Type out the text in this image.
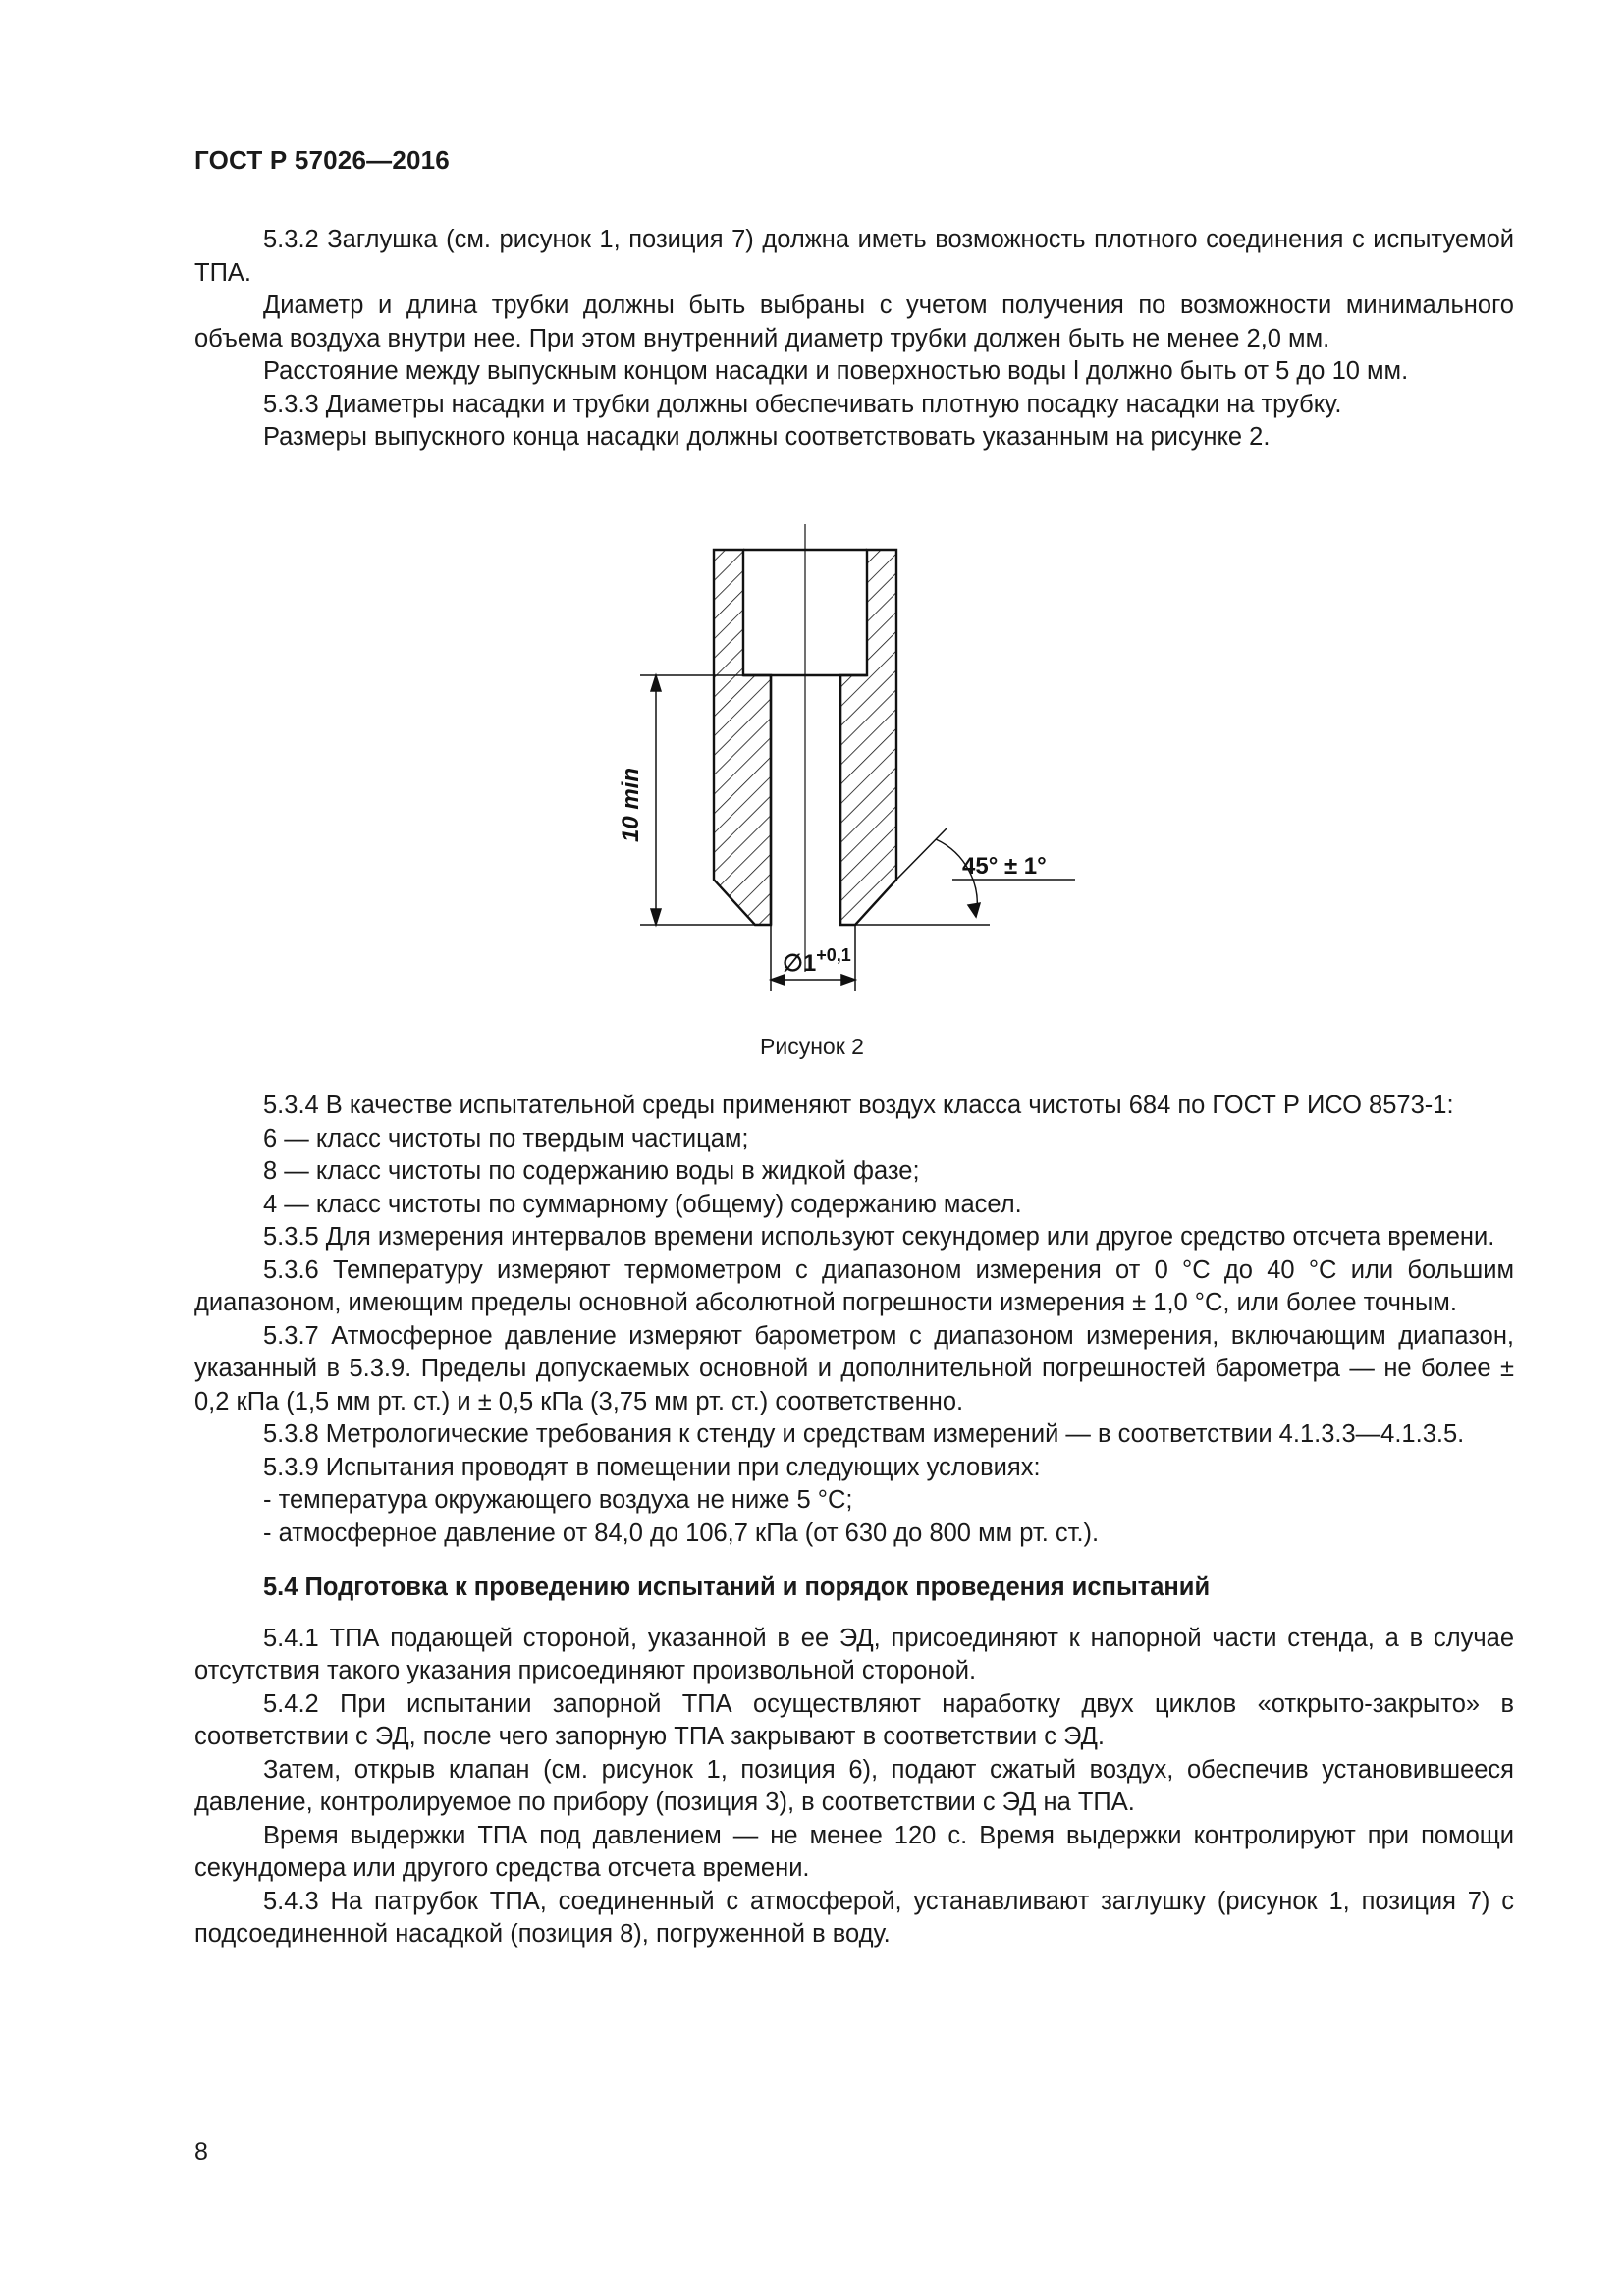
ГОСТ Р 57026—2016

5.3.2 Заглушка (см. рисунок 1, позиция 7) должна иметь возможность плотного соединения с испытуемой ТПА.

Диаметр и длина трубки должны быть выбраны с учетом получения по возможности минимального объема воздуха внутри нее. При этом внутренний диаметр трубки должен быть не менее 2,0 мм.

Расстояние между выпускным концом насадки и поверхностью воды l должно быть от 5 до 10 мм.

5.3.3 Диаметры насадки и трубки должны обеспечивать плотную посадку насадки на трубку.

Размеры выпускного конца насадки должны соответствовать указанным на рисунке 2.

10 min
45° ± 1°
$\emptyset 1^{+0,1}$
Рисунок 2

5.3.4 В качестве испытательной среды применяют воздух класса чистоты 684 по ГОСТ Р ИСО 8573-1:

6 — класс чистоты по твердым частицам;

8 — класс чистоты по содержанию воды в жидкой фазе;

4 — класс чистоты по суммарному (общему) содержанию масел.

5.3.5 Для измерения интервалов времени используют секундомер или другое средство отсчета времени.

5.3.6 Температуру измеряют термометром с диапазоном измерения от 0 °С до 40 °С или большим диапазоном, имеющим пределы основной абсолютной погрешности измерения ± 1,0 °С, или более точным.

5.3.7 Атмосферное давление измеряют барометром с диапазоном измерения, включающим диапазон, указанный в 5.3.9. Пределы допускаемых основной и дополнительной погрешностей барометра — не более ± 0,2 кПа (1,5 мм рт. ст.) и ± 0,5 кПа (3,75 мм рт. ст.) соответственно.

5.3.8 Метрологические требования к стенду и средствам измерений — в соответствии 4.1.3.3—4.1.3.5.

5.3.9 Испытания проводят в помещении при следующих условиях:

- температура окружающего воздуха не ниже 5 °С;

- атмосферное давление от 84,0 до 106,7 кПа (от 630 до 800 мм рт. ст.).

5.4 Подготовка к проведению испытаний и порядок проведения испытаний

5.4.1 ТПА подающей стороной, указанной в ее ЭД, присоединяют к напорной части стенда, а в случае отсутствия такого указания присоединяют произвольной стороной.

5.4.2 При испытании запорной ТПА осуществляют наработку двух циклов «открыто-закрыто» в соответствии с ЭД, после чего запорную ТПА закрывают в соответствии с ЭД.

Затем, открыв клапан (см. рисунок 1, позиция 6), подают сжатый воздух, обеспечив установившееся давление, контролируемое по прибору (позиция 3), в соответствии с ЭД на ТПА.

Время выдержки ТПА под давлением — не менее 120 с. Время выдержки контролируют при помощи секундомера или другого средства отсчета времени.

5.4.3 На патрубок ТПА, соединенный с атмосферой, устанавливают заглушку (рисунок 1, позиция 7) с подсоединенной насадкой (позиция 8), погруженной в воду.

8
